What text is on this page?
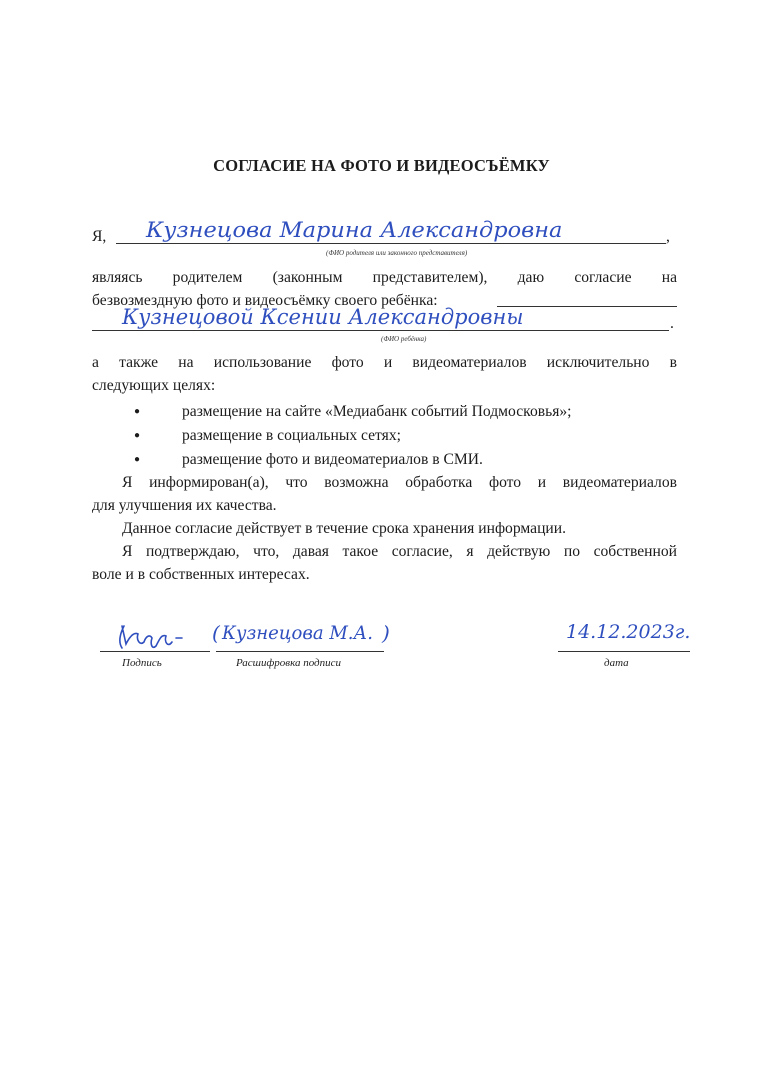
СОГЛАСИЕ НА ФОТО И ВИДЕОСЪЁМКУ
Я,	Кузнецова Марина Александровна	,
(ФИО родителя или законного представителя)
являясь родителем (законным представителем), даю согласие на
безвозмездную фото и видеосъёмку своего ребёнка:
Кузнецовой Ксении Александровны	.
(ФИО ребёнка)
а также на использование фото и видеоматериалов исключительно в
следующих целях:
●	размещение на сайте «Медиабанк событий Подмосковья»;
●	размещение в социальных сетях;
●	размещение фото и видеоматериалов в СМИ.
Я информирован(а), что возможна обработка фото и видеоматериалов
для улучшения их качества.
Данное согласие действует в течение срока хранения информации.
Я подтверждаю, что, давая такое согласие, я действую по собственной
воле и в собственных интересах.
Подпись
( Кузнецова М.А. )
Расшифровка подписи
14.12.2023г.
дата
